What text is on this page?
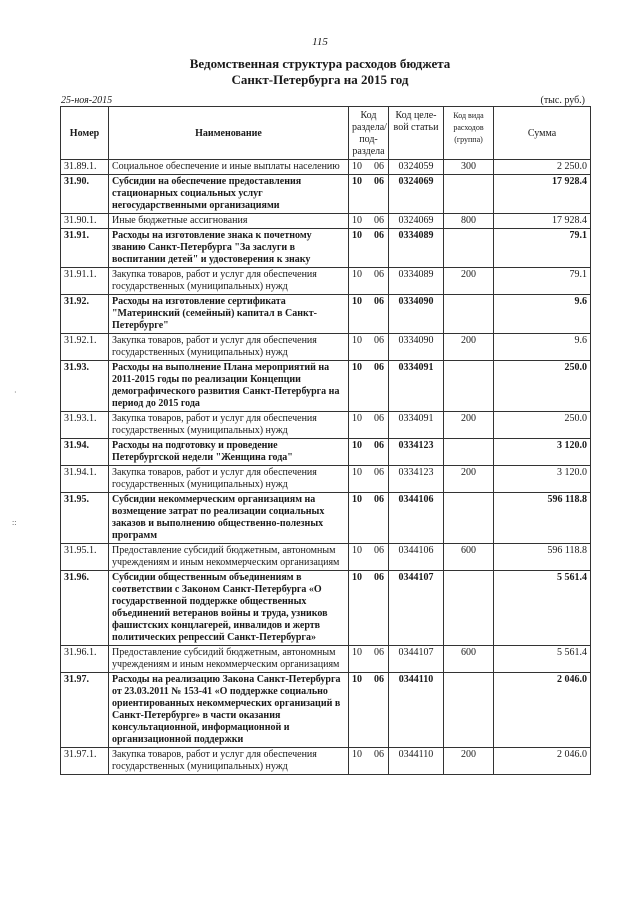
115
Ведомственная структура расходов бюджета
Санкт-Петербурга на 2015 год
25-ноя-2015	(тыс. руб.)
Номер	Наименование	Код раздела/ под-раздела	Код целе-вой статьи	Код вида расходов (группа)	Сумма
31.89.1.	Социальное обеспечение и иные выплаты населению	10 06	0324059	300	2 250.0
31.90.	Субсидии на обеспечение предоставления стационарных социальных услуг негосударственными организациями	10 06	0324069		17 928.4
31.90.1.	Иные бюджетные ассигнования	10 06	0324069	800	17 928.4
31.91.	Расходы на изготовление знака к почетному званию Санкт-Петербурга "За заслуги в воспитании детей" и удостоверения к знаку	10 06	0334089		79.1
31.91.1.	Закупка товаров, работ и услуг для обеспечения государственных (муниципальных) нужд	10 06	0334089	200	79.1
31.92.	Расходы на изготовление сертификата "Материнский (семейный) капитал в Санкт-Петербурге"	10 06	0334090		9.6
31.92.1.	Закупка товаров, работ и услуг для обеспечения государственных (муниципальных) нужд	10 06	0334090	200	9.6
31.93.	Расходы на выполнение Плана мероприятий на 2011-2015 годы по реализации Концепции демографического развития Санкт-Петербурга на период до 2015 года	10 06	0334091		250.0
31.93.1.	Закупка товаров, работ и услуг для обеспечения государственных (муниципальных) нужд	10 06	0334091	200	250.0
31.94.	Расходы на подготовку и проведение Петербургской недели "Женщина года"	10 06	0334123		3 120.0
31.94.1.	Закупка товаров, работ и услуг для обеспечения государственных (муниципальных) нужд	10 06	0334123	200	3 120.0
31.95.	Субсидии некоммерческим организациям на возмещение затрат по реализации социальных заказов и выполнению общественно-полезных программ	10 06	0344106		596 118.8
31.95.1.	Предоставление субсидий бюджетным, автономным учреждениям и иным некоммерческим организациям	10 06	0344106	600	596 118.8
31.96.	Субсидии общественным объединениям в соответствии с Законом Санкт-Петербурга «О государственной поддержке общественных объединений ветеранов войны и труда, узников фашистских концлагерей, инвалидов и жертв политических репрессий Санкт-Петербурга»	10 06	0344107		5 561.4
31.96.1.	Предоставление субсидий бюджетным, автономным учреждениям и иным некоммерческим организациям	10 06	0344107	600	5 561.4
31.97.	Расходы на реализацию Закона Санкт-Петербурга от 23.03.2011 № 153-41 «О поддержке социально ориентированных некоммерческих организаций в Санкт-Петербурге» в части оказания консультационной, информационной и организационной поддержки	10 06	0344110		2 046.0
31.97.1.	Закупка товаров, работ и услуг для обеспечения государственных (муниципальных) нужд	10 06	0344110	200	2 046.0
·
::
